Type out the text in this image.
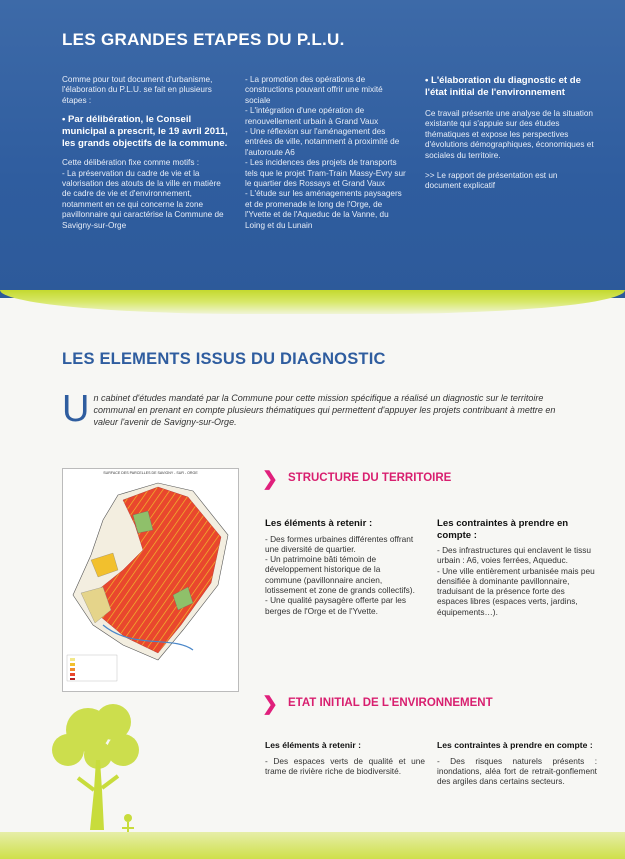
LES GRANDES ETAPES DU P.L.U.

Comme pour tout document d'urbanisme, l'élaboration du P.L.U. se fait en plusieurs étapes :

• Par délibération, le Conseil municipal a prescrit, le 19 avril 2011, les grands objectifs de la commune.

Cette délibération fixe comme motifs :

- La préservation du cadre de vie et la valorisation des atouts de la ville en matière de cadre de vie et d'environnement, notamment en ce qui concerne la zone pavillonnaire qui caractérise la Commune de Savigny-sur-Orge

- La promotion des opérations de constructions pouvant offrir une mixité sociale

- L'intégration d'une opération de renouvellement urbain à Grand Vaux

- Une réflexion sur l'aménagement des entrées de ville, notamment à proximité de l'autoroute A6

- Les incidences des projets de transports tels que le projet Tram-Train Massy-Evry sur le quartier des Rossays et Grand Vaux

- L'étude sur les aménagements paysagers et de promenade le long de l'Orge, de l'Yvette et de l'Aqueduc de la Vanne, du Loing et du Lunain

• L'élaboration du diagnostic et de l'état initial de l'environnement

Ce travail présente une analyse de la situation existante qui s'appuie sur des études thématiques et expose les perspectives d'évolutions démographiques, économiques et sociales du territoire.

>> Le rapport de présentation est un document explicatif

LES ELEMENTS ISSUS DU DIAGNOSTIC
U n cabinet d'études mandaté par la Commune pour cette mission spécifique a réalisé un diagnostic sur le territoire communal en prenant en compte plusieurs thématiques qui permettent d'appuyer les projets contribuant à mettre en valeur l'avenir de Savigny-sur-Orge.
SURFACE DES PARCELLES DE SAVIGNY - SUR - ORGE	❯ STRUCTURE DU TERRITOIRE
Les éléments à retenir :

- Des formes urbaines différentes offrant une diversité de quartier.
- Un patrimoine bâti témoin de développement historique de la commune (pavillonnaire ancien, lotissement et zone de grands collectifs).
- Une qualité paysagère offerte par les berges de l'Orge et de l'Yvette.

Les contraintes à prendre en compte :

- Des infrastructures qui enclavent le tissu urbain : A6, voies ferrées, Aqueduc.
- Une ville entièrement urbanisée mais peu densifiée à dominante pavillonnaire, traduisant de la présence forte des espaces libres (espaces verts, jardins, équipements…).

❯ ETAT INITIAL DE L'ENVIRONNEMENT
Les éléments à retenir :

- Des espaces verts de qualité et une trame de rivière riche de biodiversité.

Les contraintes à prendre en compte :

- Des risques naturels présents : inondations, aléa fort de retrait-gonflement des argiles dans certains secteurs.
